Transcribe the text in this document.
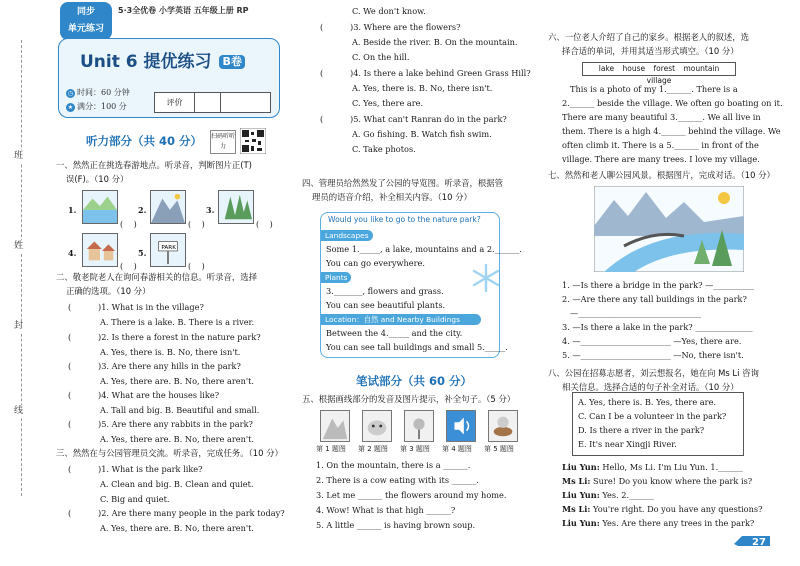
班
姓
封
线
同步
单元练习
5·3全优卷 小学英语 五年级上册 RP
Unit 6 提优练习 B卷
◷ 时间：60 分钟
★ 满分：100 分	评价		
听力部分（共 40 分） 扫码听听力
一、然然正在挑选春游地点。听录音，判断图片正(T)
误(F)。（10 分）
1.
(　 )
2.
(　 )
3.
(　 )
4.
(　 )
5.	PARK
(　 )
二、敬老院老人在询问春游相关的信息。听录音，选择
正确的选项。（10 分）
(	)1. What is in the village?
A. There is a lake. B. There is a river.
(	)2. Is there a forest in the nature park?
A. Yes, there is. B. No, there isn't.
(	)3. Are there any hills in the park?
A. Yes, there are. B. No, there aren't.
(	)4. What are the houses like?
A. Tall and big. B. Beautiful and small.
(	)5. Are there any rabbits in the park?
A. Yes, there are. B. No, there aren't.
三、然然在与公园管理员交流。听录音，完成任务。（10 分）
(	)1. What is the park like?
A. Clean and big. B. Clean and quiet.
C. Big and quiet.
(	)2. Are there many people in the park today?
A. Yes, there are. B. No, there aren't.
C. We don't know.
(	)3. Where are the flowers?
A. Beside the river. B. On the mountain.
C. On the hill.
(	)4. Is there a lake behind Green Grass Hill?
A. Yes, there is. B. No, there isn't.
C. Yes, there are.
(	)5. What can't Ranran do in the park?
A. Go fishing. B. Watch fish swim.
C. Take photos.
四、管理员给然然发了公园的导览图。听录音，根据管
理员的语音介绍，补全相关内容。（10 分）
Would you like to go to the nature park?
Landscapes
Some 1._____, a lake, mountains and a 2.______.
You can go everywhere.
Plants
3._______, flowers and grass.
You can see beautiful plants.
Location：自然 and Nearby Buildings
Between the 4._____ and the city.
You can see tall buildings and small 5._____.
笔试部分（共 60 分）
五、根据画线部分的发音及图片提示，补全句子。（5 分）
第 1 题图 第 2 题图 第 3 题图 第 4 题图 第 5 题图
1. On the mountain, there is a ______.
2. There is a cow eating with its ______.
3. Let me ______ the flowers around my home.
4. Wow! What is that high ______?
5. A little ______ is having brown soup.
六、一位老人介绍了自己的家乡。根据老人的叙述，选
择合适的单词，并用其适当形式填空。（10 分）
lake house forest mountain village
This is a photo of my 1.______. There is a
2.______ beside the village. We often go boating on it.
There are many beautiful 3.______. We all live in
them. There is a high 4.______ behind the village. We
often climb it. There is a 5.______ in front of the
village. There are many trees. I love my village.
七、然然和老人聊公园风景。根据图片，完成对话。（10 分）
1. —Is there a bridge in the park? —__________
2. —Are there any tall buildings in the park?
—______________________________
3. —Is there a lake in the park? ______________
4. —______________________ —Yes, there are.
5. —______________________ —No, there isn't.
八、公园在招募志愿者，刘云想报名，她在向 Ms Li 咨询
相关信息。选择合适的句子补全对话。（10 分）
A. Yes, there is. B. Yes, there are.
C. Can I be a volunteer in the park?
D. Is there a river in the park?
E. It's near Xingji River.
Liu Yun: Hello, Ms Li. I'm Liu Yun. 1.______
Ms Li: Sure! Do you know where the park is?
Liu Yun: Yes. 2.______
Ms Li: You're right. Do you have any questions?
Liu Yun: Yes. Are there any trees in the park?
27
